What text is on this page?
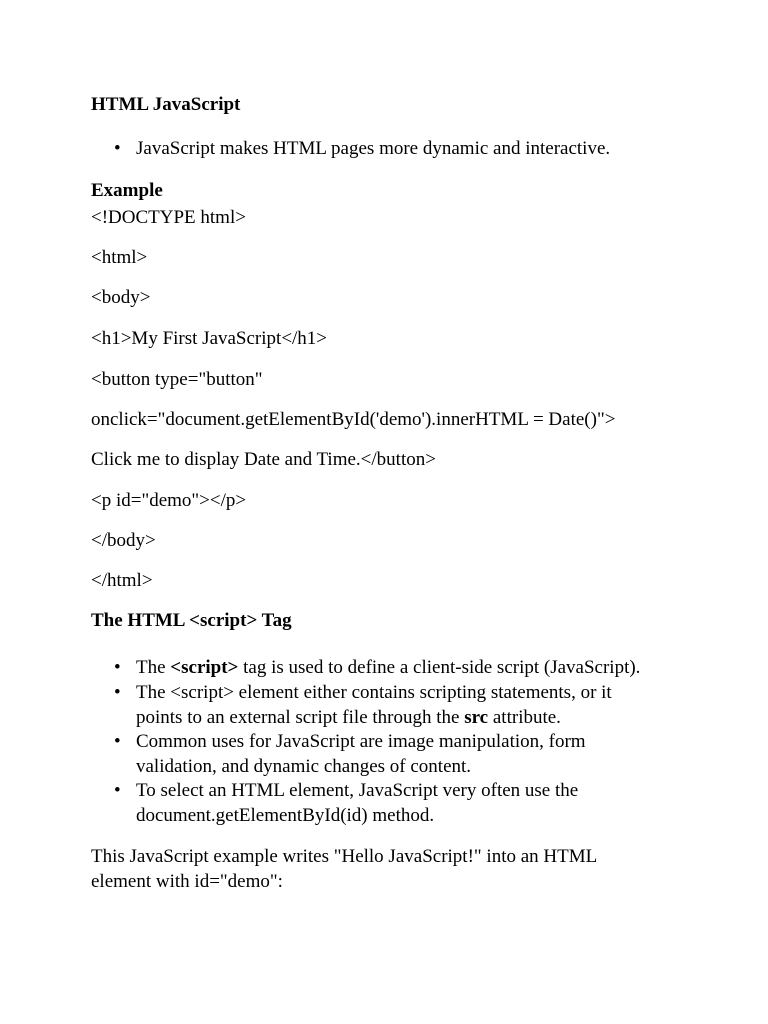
HTML JavaScript
• JavaScript makes HTML pages more dynamic and interactive.
Example
<!DOCTYPE html>
<html>
<body>
<h1>My First JavaScript</h1>
<button type="button"
onclick="document.getElementById('demo').innerHTML = Date()">
Click me to display Date and Time.</button>
<p id="demo"></p>
</body>
</html>
The HTML <script> Tag
• The <script> tag is used to define a client-side script (JavaScript).
• The <script> element either contains scripting statements, or it
points to an external script file through the src attribute.
• Common uses for JavaScript are image manipulation, form
validation, and dynamic changes of content.
• To select an HTML element, JavaScript very often use the
document.getElementById(id) method.
This JavaScript example writes "Hello JavaScript!" into an HTML
element with id="demo":
